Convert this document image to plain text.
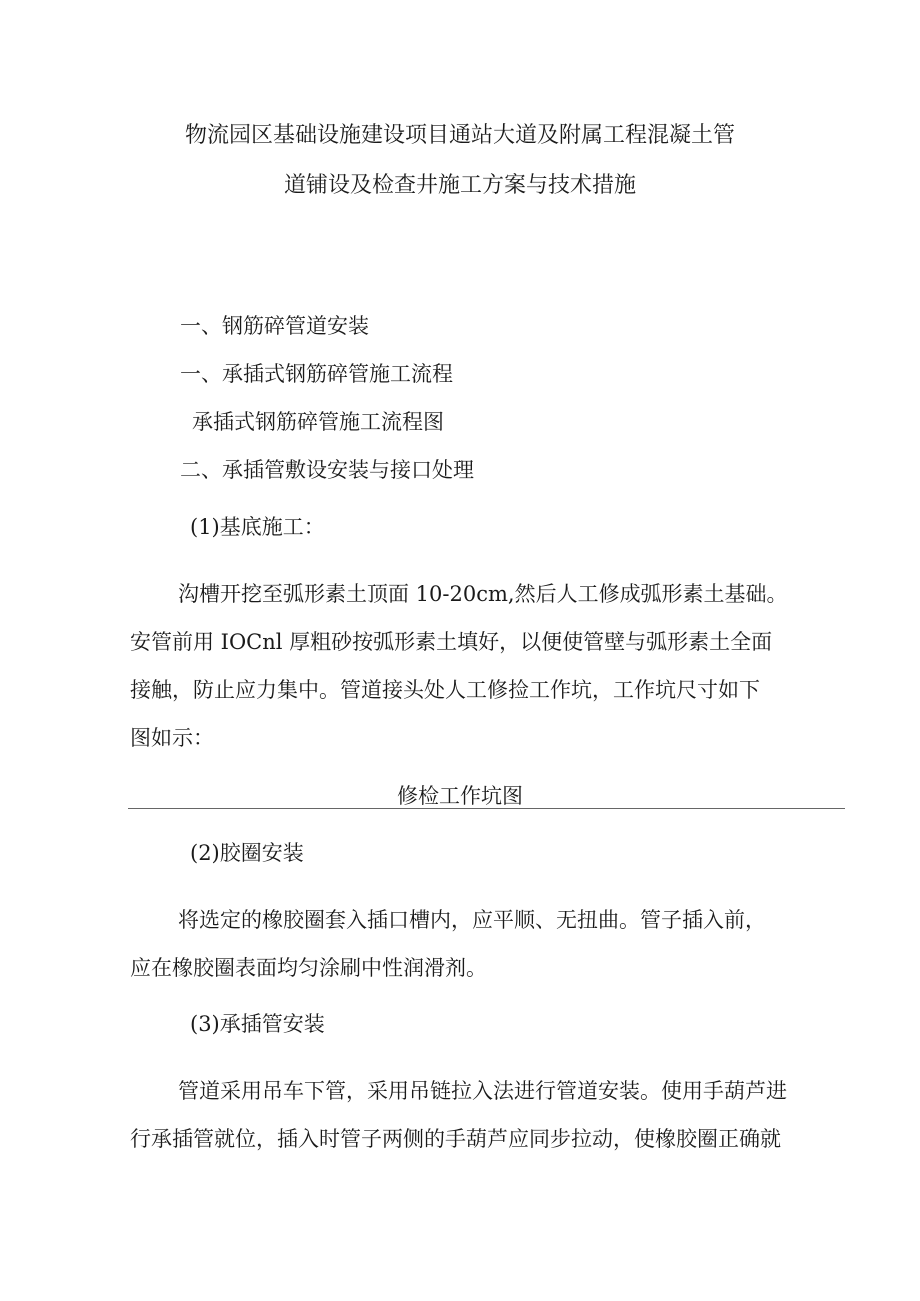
物流园区基础设施建设项目通站大道及附属工程混凝土管
道铺设及检查井施工方案与技术措施
一、钢筋碎管道安装
一、承插式钢筋碎管施工流程
承插式钢筋碎管施工流程图
二、承插管敷设安装与接口处理
(1)基底施工：
沟槽开挖至弧形素土顶面 10-20cm,然后人工修成弧形素土基础。
安管前用 IOCnl 厚粗砂按弧形素土填好，以便使管壁与弧形素土全面
接触，防止应力集中。管道接头处人工修捡工作坑，工作坑尺寸如下
图如示：
修检工作坑图
(2)胶圈安装
将选定的橡胶圈套入插口槽内，应平顺、无扭曲。管子插入前，
应在橡胶圈表面均匀涂刷中性润滑剂。
(3)承插管安装
管道采用吊车下管，采用吊链拉入法进行管道安装。使用手葫芦进
行承插管就位，插入时管子两侧的手葫芦应同步拉动，使橡胶圈正确就
